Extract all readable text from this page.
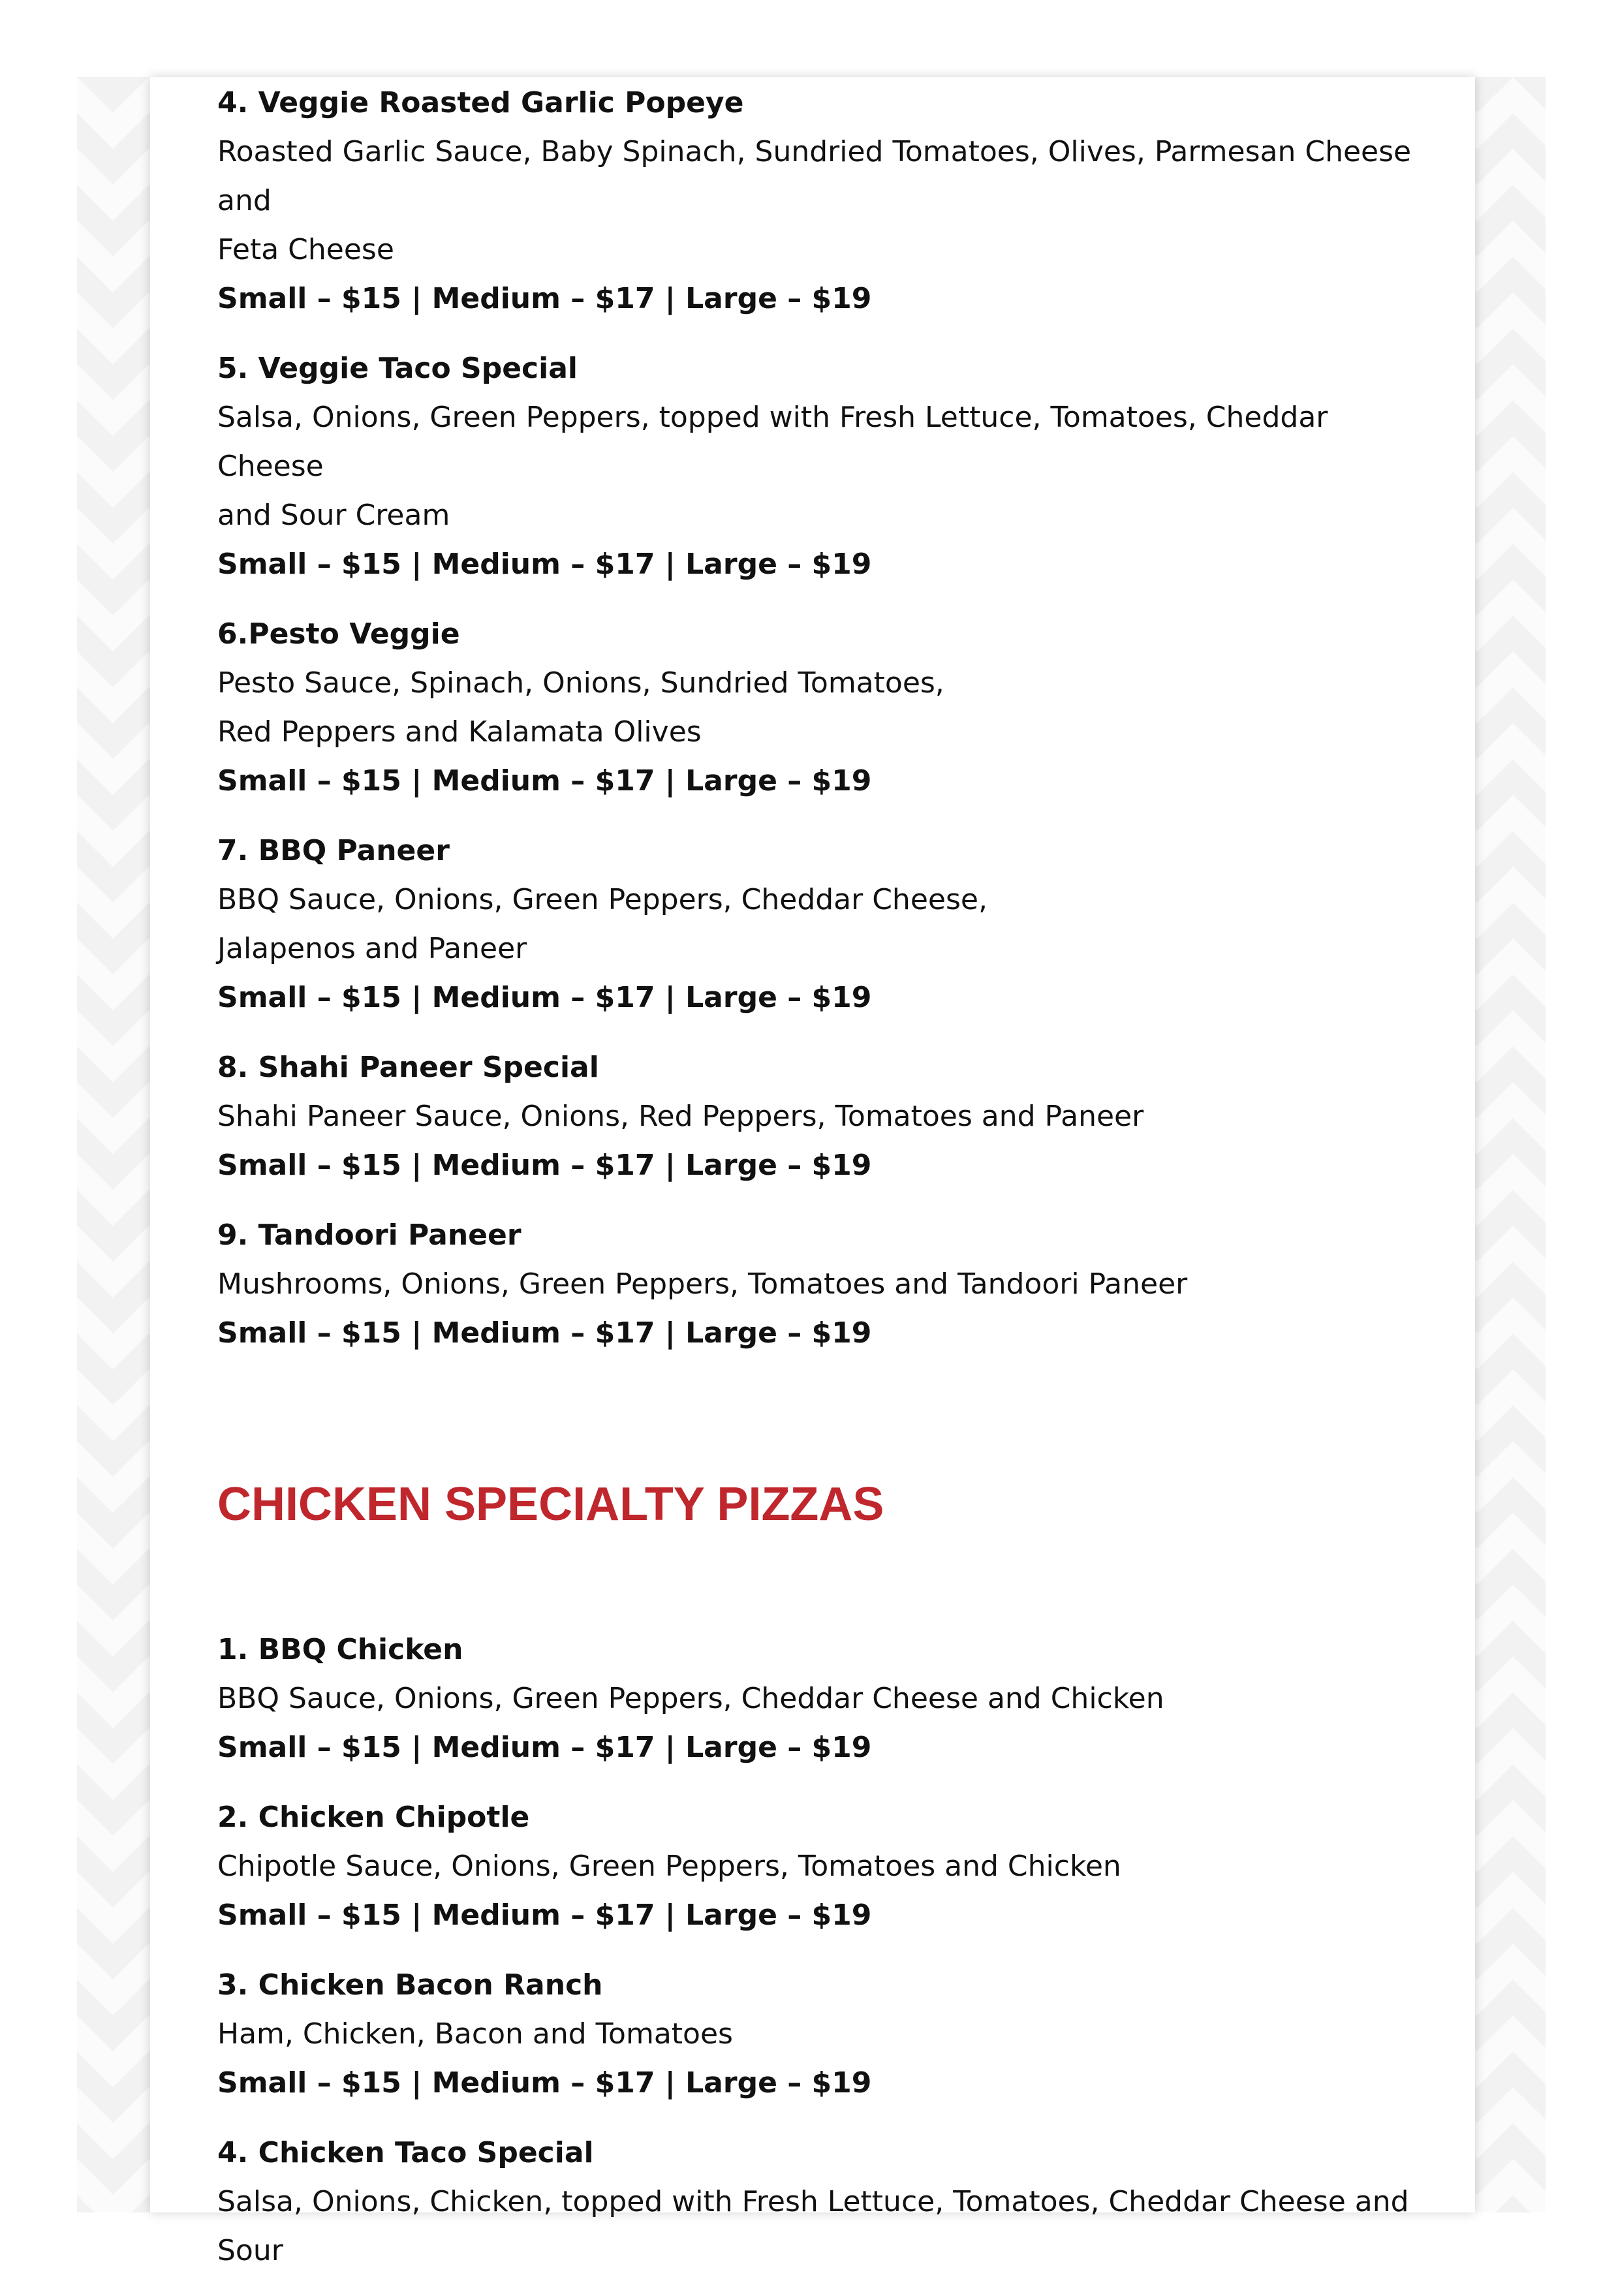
4. Veggie Roasted Garlic Popeye

Roasted Garlic Sauce, Baby Spinach, Sundried Tomatoes, Olives, Parmesan Cheese and

Feta Cheese

Small – $15 | Medium – $17 | Large – $19

5. Veggie Taco Special

Salsa, Onions, Green Peppers, topped with Fresh Lettuce, Tomatoes, Cheddar Cheese

and Sour Cream

Small – $15 | Medium – $17 | Large – $19

6.Pesto Veggie

Pesto Sauce, Spinach, Onions, Sundried Tomatoes,

Red Peppers and Kalamata Olives

Small – $15 | Medium – $17 | Large – $19

7. BBQ Paneer

BBQ Sauce, Onions, Green Peppers, Cheddar Cheese,

Jalapenos and Paneer

Small – $15 | Medium – $17 | Large – $19

8. Shahi Paneer Special

Shahi Paneer Sauce, Onions, Red Peppers, Tomatoes and Paneer

Small – $15 | Medium – $17 | Large – $19

9. Tandoori Paneer

Mushrooms, Onions, Green Peppers, Tomatoes and Tandoori Paneer

Small – $15 | Medium – $17 | Large – $19

CHICKEN SPECIALTY PIZZAS

1. BBQ Chicken

BBQ Sauce, Onions, Green Peppers, Cheddar Cheese and Chicken

Small – $15 | Medium – $17 | Large – $19

2. Chicken Chipotle

Chipotle Sauce, Onions, Green Peppers, Tomatoes and Chicken

Small – $15 | Medium – $17 | Large – $19

3. Chicken Bacon Ranch

Ham, Chicken, Bacon and Tomatoes

Small – $15 | Medium – $17 | Large – $19

4. Chicken Taco Special

Salsa, Onions, Chicken, topped with Fresh Lettuce, Tomatoes, Cheddar Cheese and Sour
